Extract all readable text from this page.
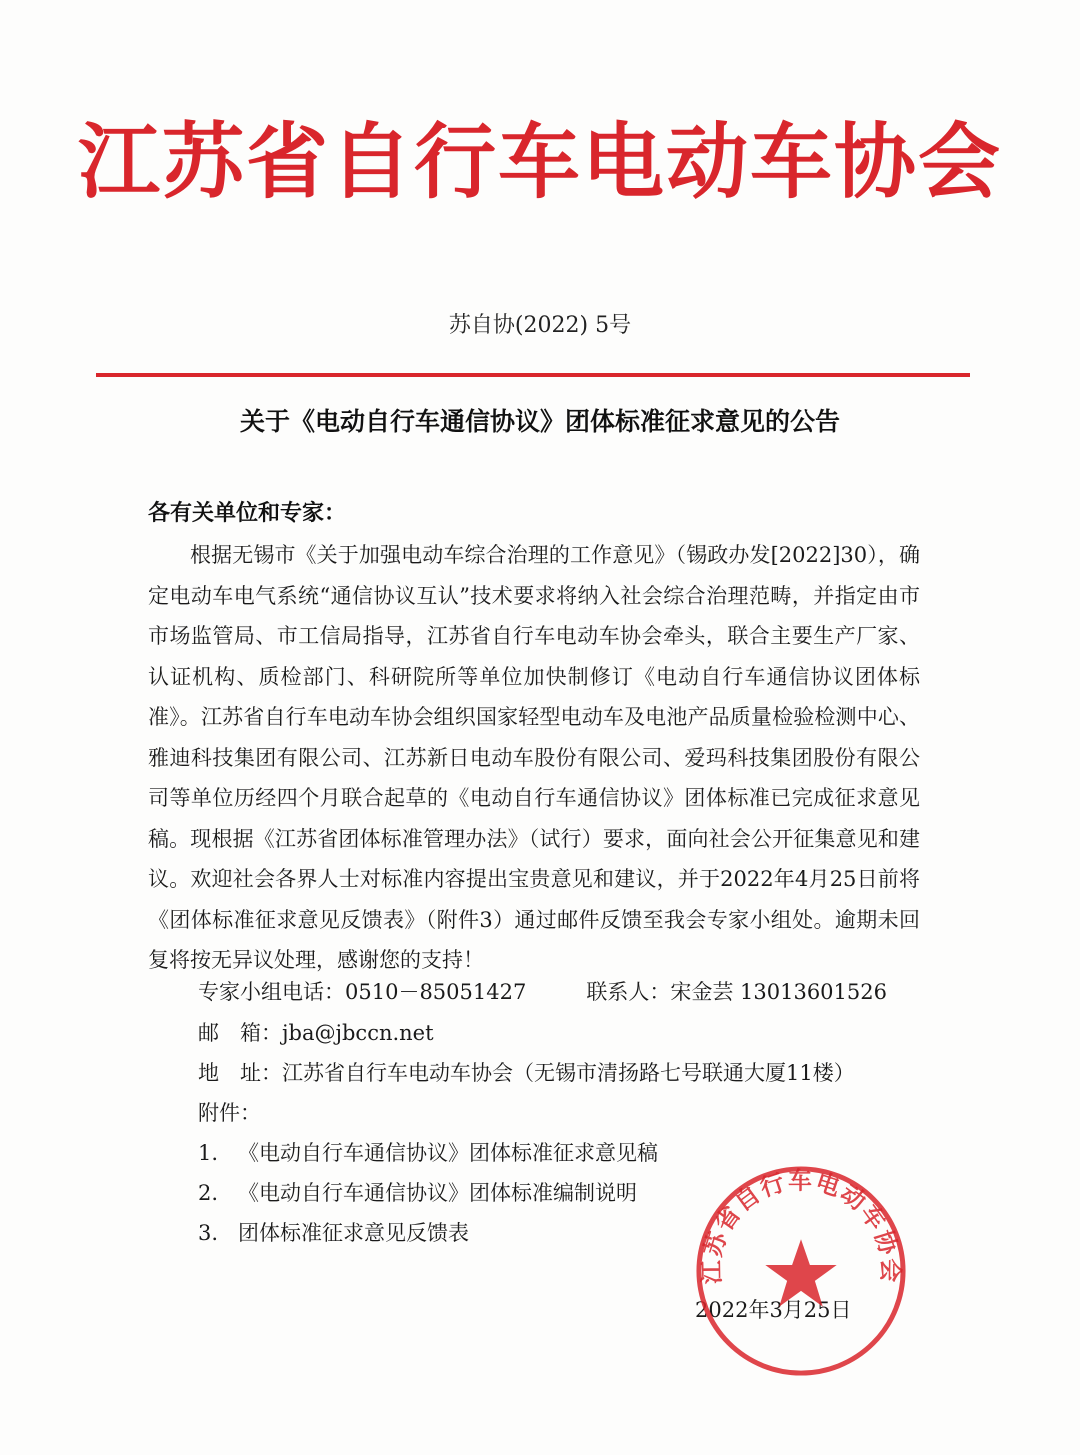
江苏省自行车电动车协会
苏自协(2022) 5号
关于《电动自行车通信协议》团体标准征求意见的公告
各有关单位和专家：

根据无锡市《关于加强电动车综合治理的工作意见》（锡政办发[2022]30），确定电动车电气系统“通信协议互认”技术要求将纳入社会综合治理范畴，并指定由市市场监管局、市工信局指导，江苏省自行车电动车协会牵头，联合主要生产厂家、认证机构、质检部门、科研院所等单位加快制修订《电动自行车通信协议团体标准》。江苏省自行车电动车协会组织国家轻型电动车及电池产品质量检验检测中心、雅迪科技集团有限公司、江苏新日电动车股份有限公司、爱玛科技集团股份有限公司等单位历经四个月联合起草的《电动自行车通信协议》团体标准已完成征求意见稿。现根据《江苏省团体标准管理办法》（试行）要求，面向社会公开征集意见和建议。欢迎社会各界人士对标准内容提出宝贵意见和建议，并于2022年4月25日前将《团体标准征求意见反馈表》（附件3）通过邮件反馈至我会专家小组处。逾期未回复将按无异议处理，感谢您的支持！

专家小组电话：0510－85051427	联系人：宋金芸 13013601526
邮　箱：jba@jbccn.net
地　址：江苏省自行车电动车协会（无锡市清扬路七号联通大厦11楼）
附件：
1. 《电动自行车通信协议》团体标准征求意见稿
2. 《电动自行车通信协议》团体标准编制说明
3. 团体标准征求意见反馈表
2022年3月25日
江苏省自行车电动车协会
